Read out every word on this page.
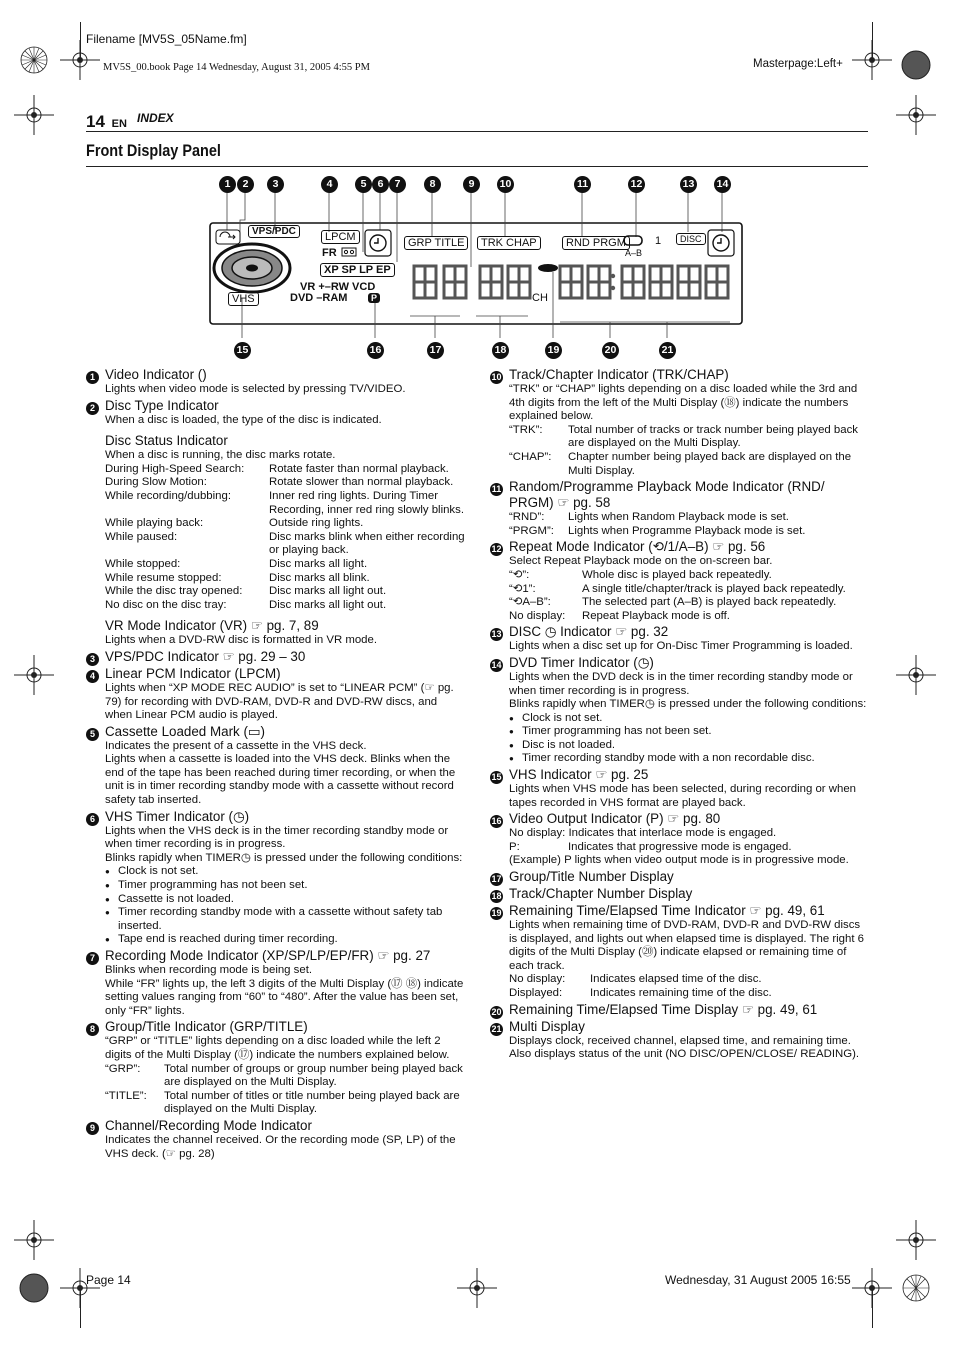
Filename [MV5S_05Name.fm]
MV5S_00.book Page 14 Wednesday, August 31, 2005 4:55 PM	Masterpage:Left+
14 EN INDEX
Front Display Panel
1	2	3	4	5	6	7	8	9	10	11	12	13 14
VPS/PDC	LPCM
FR
XP SP LP EP
VR +–RW VCD
DVD –RAM
VHS	P
GRP TITLE	TRK CHAP	RND PRGM	1
A–B
DISC
CH
15	16	17	18	19	20	21
1 Video Indicator ( )
Lights when video mode is selected by pressing TV/VIDEO.
2 Disc Type Indicator
When a disc is loaded, the type of the disc is indicated.
Disc Status Indicator
When a disc is running, the disc marks rotate.
During High-Speed Search:	Rotate faster than normal playback.
During Slow Motion:	Rotate slower than normal playback.
While recording/dubbing:	Inner red ring lights. During Timer Recording, inner red ring slowly blinks.
While playing back:	Outside ring lights.
While paused:	Disc marks blink when either recording or playing back.
While stopped:	Disc marks all light.
While resume stopped:	Disc marks all blink.
While the disc tray opened:	Disc marks all light out.
No disc on the disc tray:	Disc marks all light out.
VR Mode Indicator (VR) ☞ pg. 7, 89
Lights when a DVD-RW disc is formatted in VR mode.
3 VPS/PDC Indicator ☞ pg. 29 – 30
4 Linear PCM Indicator (LPCM)
Lights when “XP MODE REC AUDIO” is set to “LINEAR PCM” (☞ pg. 79) for recording with DVD-RAM, DVD-R and DVD-RW discs, and when Linear PCM audio is played.
5 Cassette Loaded Mark (▭)
Indicates the present of a cassette in the VHS deck.
Lights when a cassette is loaded into the VHS deck. Blinks when the end of the tape has been reached during timer recording, or when the unit is in timer recording standby mode with a cassette without record safety tab inserted.
6 VHS Timer Indicator (◷)
Lights when the VHS deck is in the timer recording standby mode or when timer recording is in progress.
Blinks rapidly when TIMER◷ is pressed under the following conditions:
● Clock is not set.
● Timer programming has not been set.
● Cassette is not loaded.
● Timer recording standby mode with a cassette without safety tab inserted.
● Tape end is reached during timer recording.
7 Recording Mode Indicator (XP/SP/LP/EP/FR) ☞ pg. 27
Blinks when recording mode is being set.
While “FR” lights up, the left 3 digits of the Multi Display (⑰ ⑱) indicate setting values ranging from “60” to “480”. After the value has been set, only “FR” lights.
8 Group/Title Indicator (GRP/TITLE)
“GRP” or “TITLE” lights depending on a disc loaded while the left 2 digits of the Multi Display (⑰) indicate the numbers explained below.
“GRP”:	Total number of groups or group number being played back are displayed on the Multi Display.
“TITLE”:	Total number of titles or title number being played back are displayed on the Multi Display.
9 Channel/Recording Mode Indicator
Indicates the channel received. Or the recording mode (SP, LP) of the VHS deck. (☞ pg. 28)
10 Track/Chapter Indicator (TRK/CHAP)
“TRK” or “CHAP” lights depending on a disc loaded while the 3rd and 4th digits from the left of the Multi Display (⑱) indicate the numbers explained below.
“TRK”:	Total number of tracks or track number being played back are displayed on the Multi Display.
“CHAP”:	Chapter number being played back are displayed on the Multi Display.
11 Random/Programme Playback Mode Indicator (RND/ PRGM) ☞ pg. 58
“RND”:	Lights when Random Playback mode is set.
“PRGM”:	Lights when Programme Playback mode is set.
12 Repeat Mode Indicator (⟲/1/A–B) ☞ pg. 56
Select Repeat Playback mode on the on-screen bar.
“⟲”:	Whole disc is played back repeatedly.
“⟲1”:	A single title/chapter/track is played back repeatedly.
“⟲A–B”:	The selected part (A–B) is played back repeatedly.
No display:	Repeat Playback mode is off.
13 DISC ◷ Indicator ☞ pg. 32
Lights when a disc set up for On-Disc Timer Programming is loaded.
14 DVD Timer Indicator (◷)
Lights when the DVD deck is in the timer recording standby mode or when timer recording is in progress.
Blinks rapidly when TIMER◷ is pressed under the following conditions:
● Clock is not set.
● Timer programming has not been set.
● Disc is not loaded.
● Timer recording standby mode with a non recordable disc.
15 VHS Indicator ☞ pg. 25
Lights when VHS mode has been selected, during recording or when tapes recorded in VHS format are played back.
16 Video Output Indicator (P) ☞ pg. 80
No display: Indicates that interlace mode is engaged.
P:	Indicates that progressive mode is engaged.
(Example) P lights when video output mode is in progressive mode.
17 Group/Title Number Display
18 Track/Chapter Number Display
19 Remaining Time/Elapsed Time Indicator ☞ pg. 49, 61
Lights when remaining time of DVD-RAM, DVD-R and DVD-RW discs is displayed, and lights out when elapsed time is displayed. The right 6 digits of the Multi Display (⑳) indicate elapsed or remaining time of each track.
No display:	Indicates elapsed time of the disc.
Displayed:	Indicates remaining time of the disc.
20 Remaining Time/Elapsed Time Display ☞ pg. 49, 61
21 Multi Display
Displays clock, received channel, elapsed time, and remaining time. Also displays status of the unit (NO DISC/OPEN/CLOSE/ READING).
Page 14	Wednesday, 31 August 2005 16:55
